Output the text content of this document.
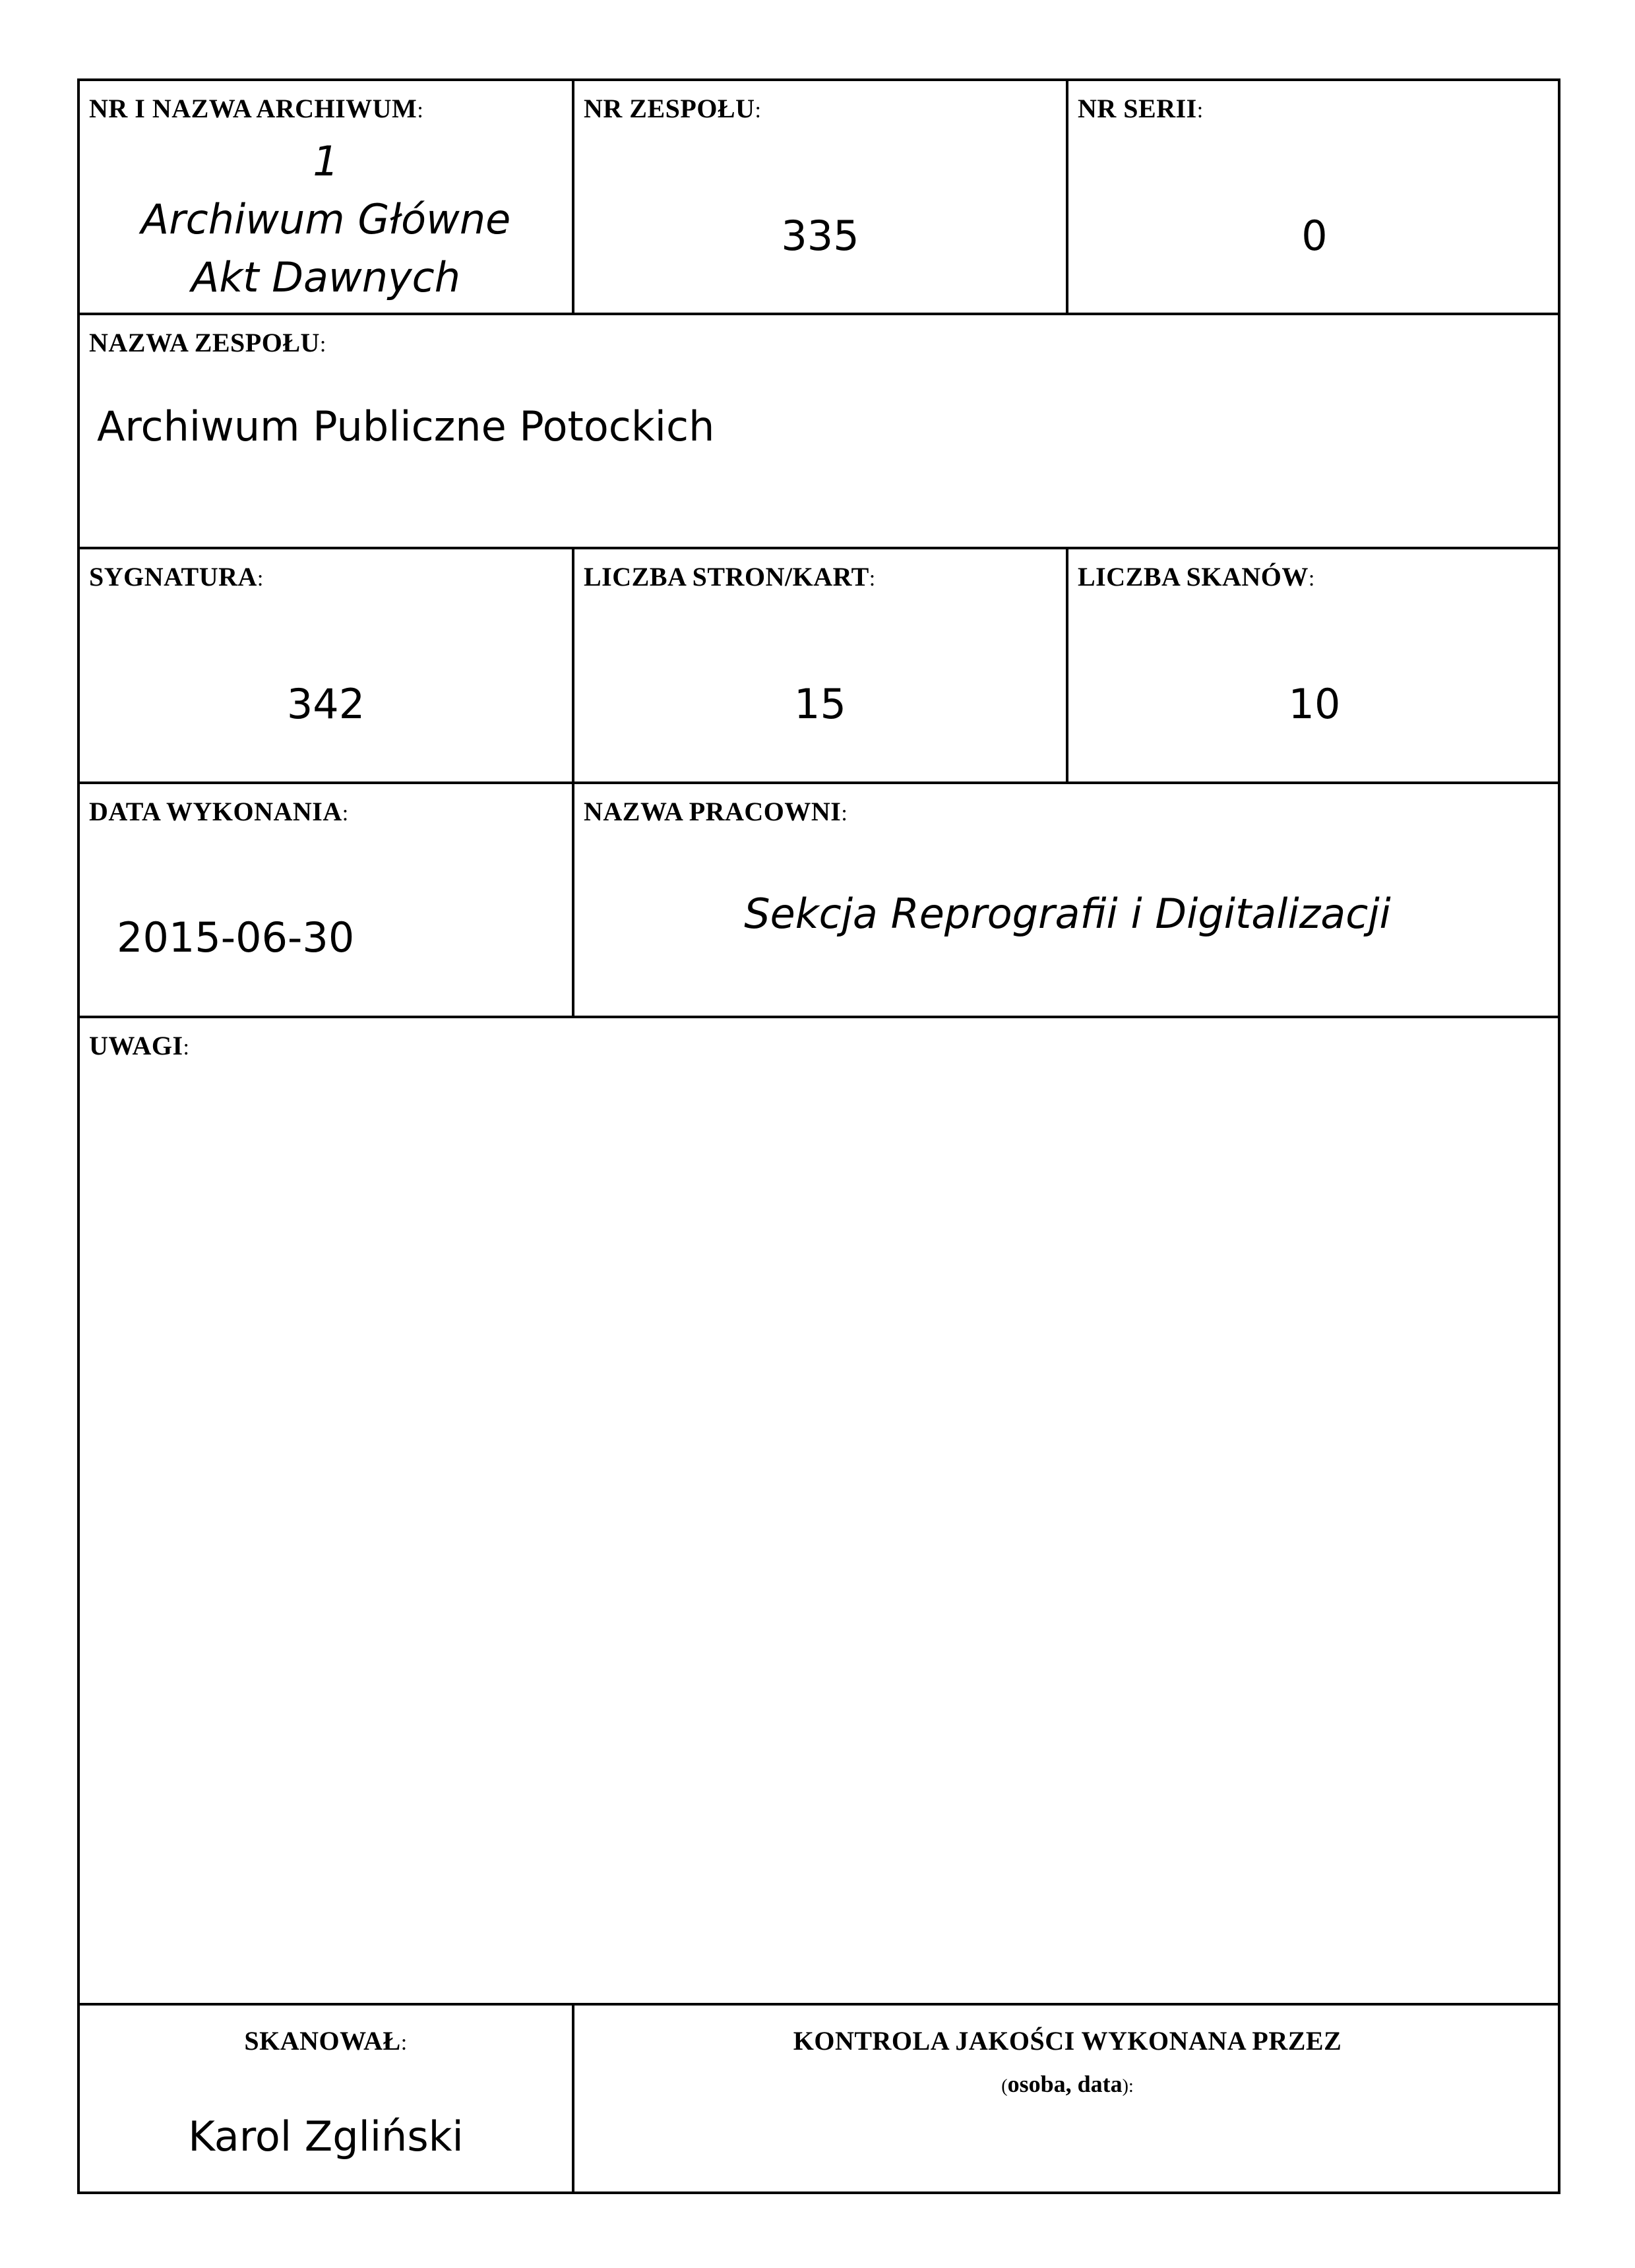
NR I NAZWA ARCHIWUM:
1
Archiwum Główne
Akt Dawnych
NR ZESPOŁU:
335
NR SERII:
0
NAZWA ZESPOŁU:
Archiwum Publiczne Potockich
SYGNATURA:
342
LICZBA STRON/KART:
15
LICZBA SKANÓW:
10
DATA WYKONANIA:
2015-06-30
NAZWA PRACOWNI:
Sekcja Reprografii i Digitalizacji
UWAGI:
SKANOWAŁ:
Karol Zgliński
KONTROLA JAKOŚCI WYKONANA PRZEZ
(osoba, data):
